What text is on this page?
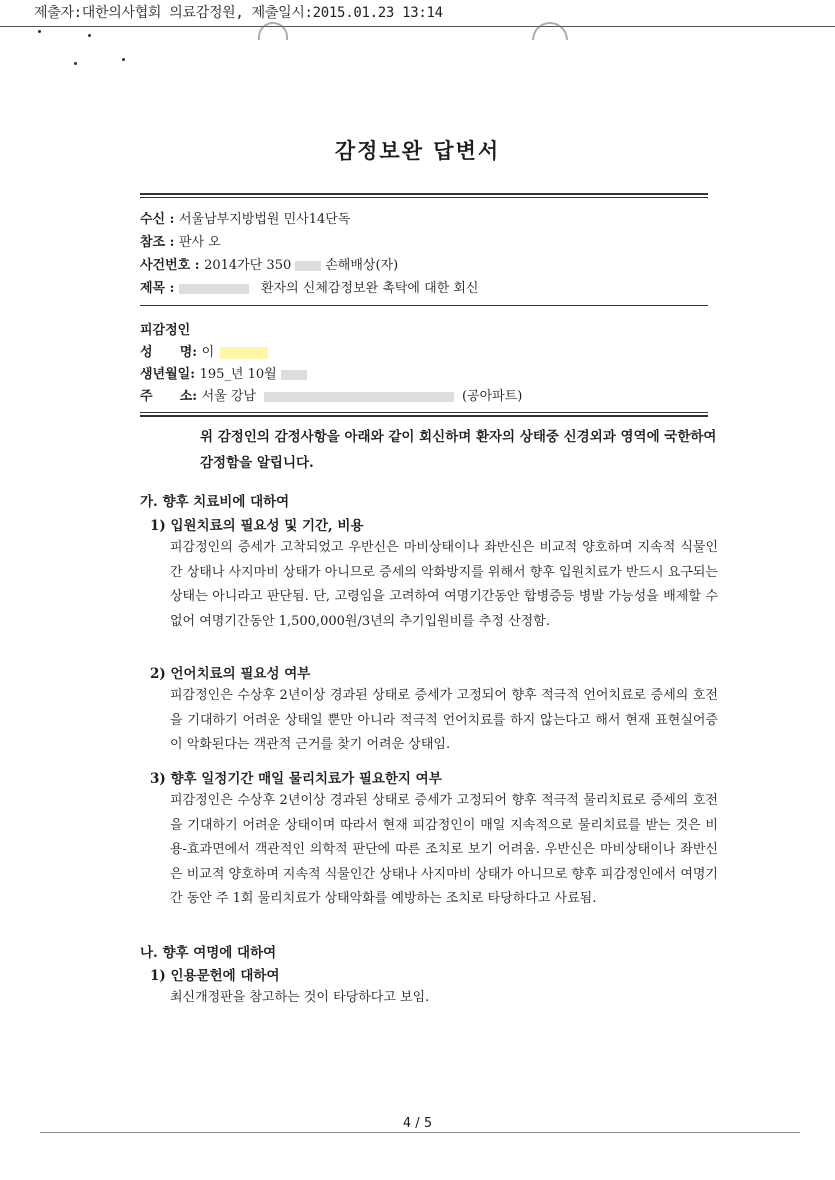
제출자:대한의사협회 의료감정원, 제출일시:2015.01.23 13:14
감정보완 답변서
수신 : 서울남부지방법원 민사14단독
참조 : 판사 오
사건번호 : 2014가단 350	손해배상(자)
제목 :	환자의 신체감정보완 촉탁에 대한 회신
피감정인
성      명: 이
생년월일: 195_년 10월
주      소: 서울 강남	(공아파트)
위 감정인의 감정사항을 아래와 같이 회신하며 환자의 상태중 신경외과 영역에 국한하여 감정함을 알립니다.
가. 향후 치료비에 대하여
1) 입원치료의 필요성 및 기간, 비용
피감정인의 증세가 고착되었고 우반신은 마비상태이나 좌반신은 비교적 양호하며 지속적 식물인간 상태나 사지마비 상태가 아니므로 증세의 악화방지를 위해서 향후 입원치료가 반드시 요구되는 상태는 아니라고 판단됨. 단, 고령임을 고려하여 여명기간동안 합병증등 병발 가능성을 배제할 수 없어 여명기간동안 1,500,000원/3년의 추기입원비를 추정 산정함.
2) 언어치료의 필요성 여부
피감정인은 수상후 2년이상 경과된 상태로 증세가 고정되어 향후 적극적 언어치료로 증세의 호전을 기대하기 어려운 상태일 뿐만 아니라 적극적 언어치료를 하지 않는다고 해서 현재 표현실어증이 악화된다는 객관적 근거를 찾기 어려운 상태임.
3) 향후 일정기간 매일 물리치료가 필요한지 여부
피감정인은 수상후 2년이상 경과된 상태로 증세가 고정되어 향후 적극적 물리치료로 증세의 호전을 기대하기 어려운 상태이며 따라서 현재 피감정인이 매일 지속적으로 물리치료를 받는 것은 비용-효과면에서 객관적인 의학적 판단에 따른 조치로 보기 어려움. 우반신은 마비상태이나 좌반신은 비교적 양호하며 지속적 식물인간 상태나 사지마비 상태가 아니므로 향후 피감정인에서 여명기간 동안 주 1회 물리치료가 상태악화를 예방하는 조치로 타당하다고 사료됨.
나. 향후 여명에 대하여
1) 인용문헌에 대하여
최신개정판을 참고하는 것이 타당하다고 보임.
4 / 5
